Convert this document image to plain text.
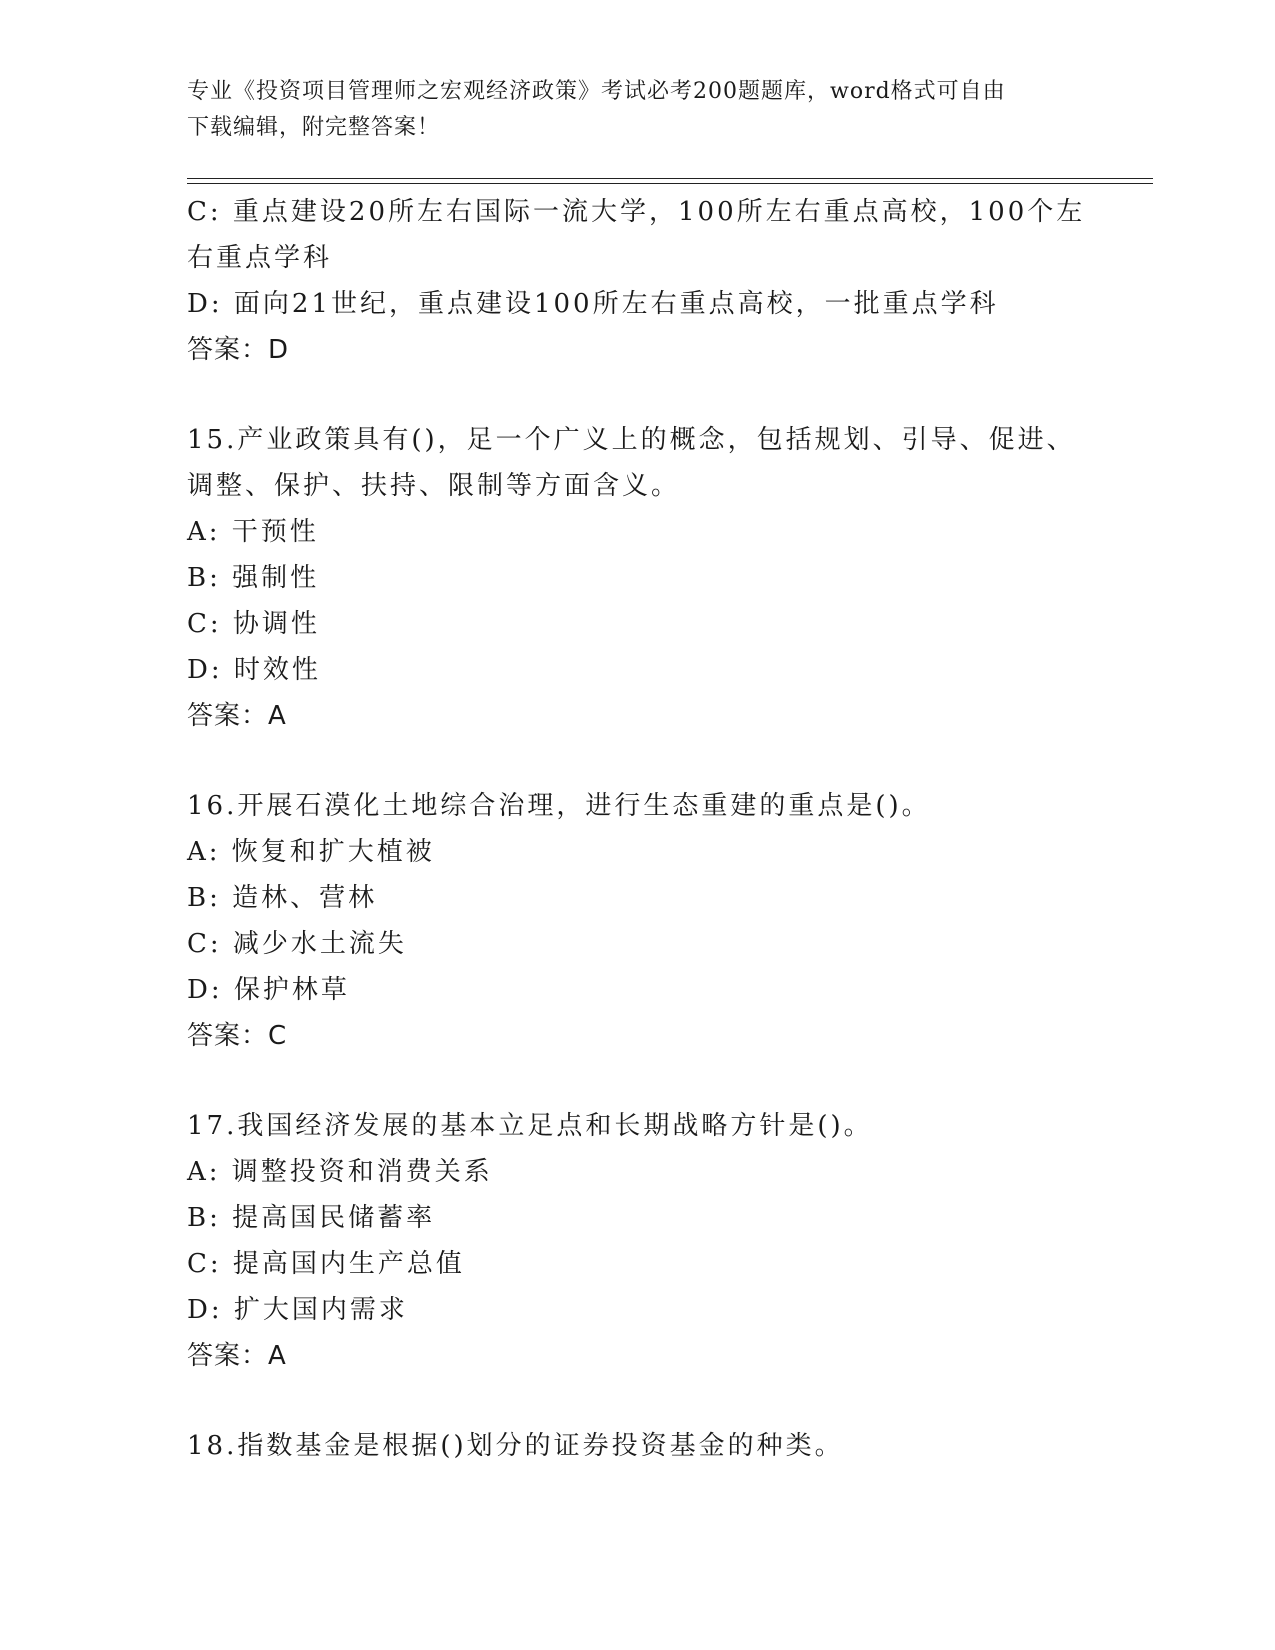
专业《投资项目管理师之宏观经济政策》考试必考200题题库，word格式可自由
下载编辑，附完整答案！
C: 重点建设20所左右国际一流大学，100所左右重点高校，100个左
右重点学科
D: 面向21世纪，重点建设100所左右重点高校，一批重点学科
答案：D
15.产业政策具有()，足一个广义上的概念，包括规划、引导、促进、
调整、保护、扶持、限制等方面含义。
A: 干预性
B: 强制性
C: 协调性
D: 时效性
答案：A
16.开展石漠化土地综合治理，进行生态重建的重点是()。
A: 恢复和扩大植被
B: 造林、营林
C: 减少水土流失
D: 保护林草
答案：C
17.我国经济发展的基本立足点和长期战略方针是()。
A: 调整投资和消费关系
B: 提高国民储蓄率
C: 提高国内生产总值
D: 扩大国内需求
答案：A
18.指数基金是根据()划分的证券投资基金的种类。
